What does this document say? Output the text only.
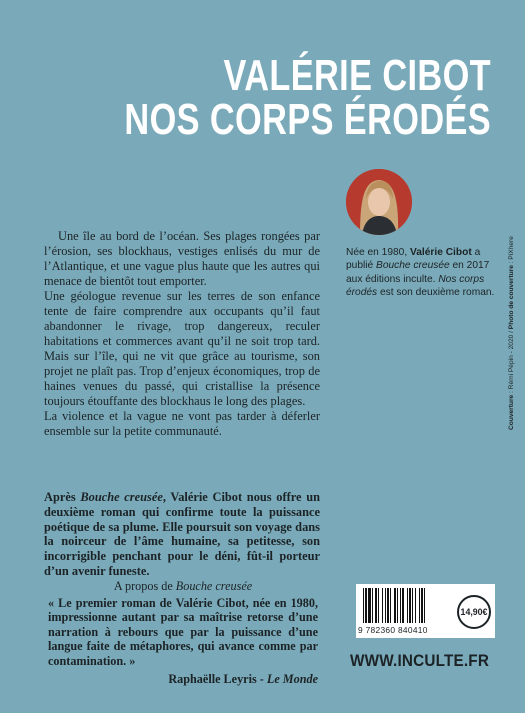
VALÉRIE CIBOT
NOS CORPS ÉRODÉS

Née en 1980, Valérie Cibot a publié Bouche creusée en 2017 aux éditions inculte. Nos corps érodés est son deuxième roman.

Une île au bord de l’océan. Ses plages rongées par l’érosion, ses blockhaus, vestiges enlisés du mur de l’Atlantique, et une vague plus haute que les autres qui menace de bientôt tout emporter.

Une géologue revenue sur les terres de son enfance tente de faire comprendre aux occupants qu’il faut abandonner le rivage, trop dangereux, reculer habitations et commerces avant qu’il ne soit trop tard. Mais sur l’île, qui ne vit que grâce au tourisme, son projet ne plaît pas. Trop d’enjeux économiques, trop de haines venues du passé, qui cristallise la présence toujours étouffante des blockhaus le long des plages.

La violence et la vague ne vont pas tarder à déferler ensemble sur la petite communauté.

Après Bouche creusée, Valérie Cibot nous offre un deuxième roman qui confirme toute la puissance poétique de sa plume. Elle poursuit son voyage dans la noirceur de l’âme humaine, sa petitesse, son incorrigible penchant pour le déni, fût-il porteur d’un avenir funeste.

A propos de Bouche creusée

« Le premier roman de Valérie Cibot, née en 1980, impressionne autant par sa maîtrise retorse d’une narration à rebours que par la puissance d’une langue faite de métaphores, qui avance comme par contamination. »

Raphaëlle Leyris - Le Monde

9 782360 840410
14,90€
WWW.INCULTE.FR
Couverture : Rémi Pépin - 2020 / Photo de couverture : PiXhere
